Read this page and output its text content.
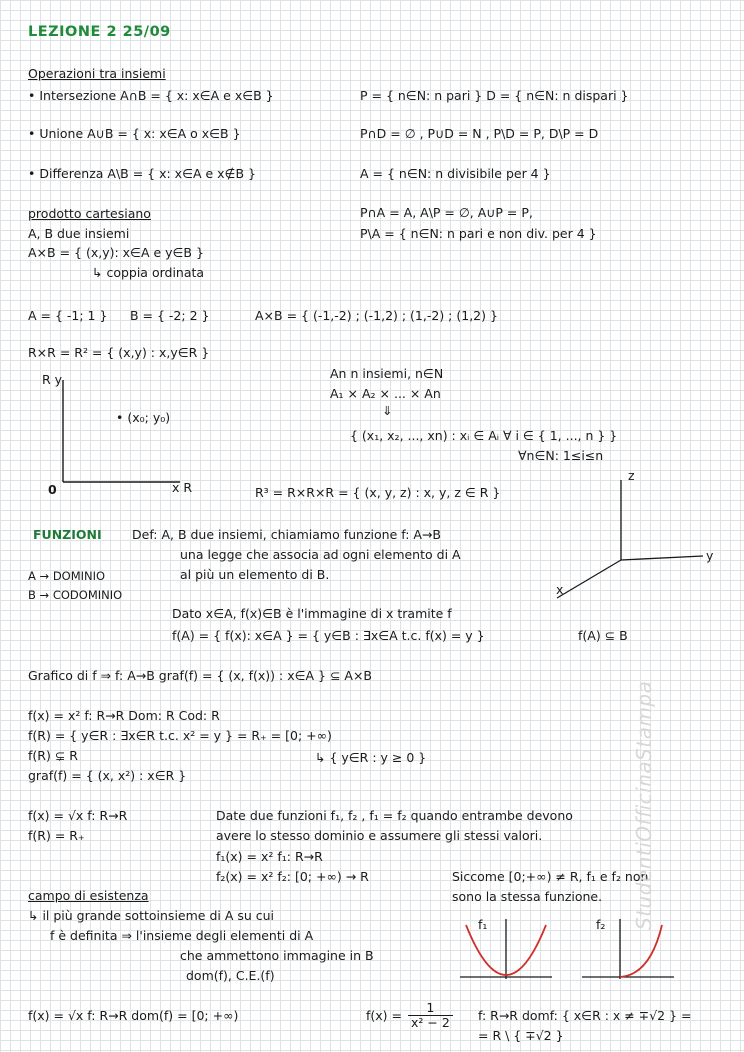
LEZIONE 2 25/09
Operazioni tra insiemi
• Intersezione A∩B = { x: x∈A e x∈B }
• Unione A∪B = { x: x∈A o x∈B }
• Differenza A\B = { x: x∈A e x∉B }
P = { n∈N: n pari } D = { n∈N: n dispari }
P∩D = ∅ , P∪D = N , P\D = P, D\P = D
A = { n∈N: n divisibile per 4 }
P∩A = A, A\P = ∅, A∪P = P,
P\A = { n∈N: n pari e non div. per 4 }
prodotto cartesiano
A, B due insiemi
A×B = { (x,y): x∈A e y∈B }
↳ coppia ordinata
A = { -1; 1 } B = { -2; 2 }	A×B = { (-1,-2) ; (-1,2) ; (1,-2) ; (1,2) }
R×R = R² = { (x,y) : x,y∈R }
R y
x R
0
• (x₀; y₀)
An n insiemi, n∈N
A₁ × A₂ × ... × An
⇓
{ (x₁, x₂, ..., xn) : xᵢ ∈ Aᵢ ∀ i ∈ { 1, ..., n } }
∀n∈N: 1≤i≤n
R³ = R×R×R = { (x, y, z) : x, y, z ∈ R }
z
y
x
FUNZIONI Def: A, B due insiemi, chiamiamo funzione f: A→B
una legge che associa ad ogni elemento di A
al più un elemento di B.
A → DOMINIO
B → CODOMINIO
Dato x∈A, f(x)∈B è l'immagine di x tramite f
f(A) = { f(x): x∈A } = { y∈B : ∃x∈A t.c. f(x) = y }	f(A) ⊆ B
Grafico di f ⇒ f: A→B graf(f) = { (x, f(x)) : x∈A } ⊆ A×B
f(x) = x² f: R→R Dom: R Cod: R
f(R) = { y∈R : ∃x∈R t.c. x² = y } = R₊ = [0; +∞)
f(R) ⊊ R	↳ { y∈R : y ≥ 0 }
graf(f) = { (x, x²) : x∈R }
f(x) = √x f: R→R
f(R) = R₊
Date due funzioni f₁, f₂ , f₁ = f₂ quando entrambe devono
avere lo stesso dominio e assumere gli stessi valori.
f₁(x) = x² f₁: R→R
f₂(x) = x² f₂: [0; +∞) → R	Siccome [0;+∞) ≠ R, f₁ e f₂ non
sono la stessa funzione.
campo di esistenza
↳ il più grande sottoinsieme di A su cui
f è definita ⇒ l'insieme degli elementi di A
che ammettono immagine in B
dom(f), C.E.(f)
f₁	f₂
f(x) = √x f: R→R dom(f) = [0; +∞)	$f(x) = \frac{1}{\text{x² − 2}} f$: R→R domf: { x∈R : x ≠ ∓√2 } =
= R \ { ∓√2 }
StudentiOfficinaStampa
